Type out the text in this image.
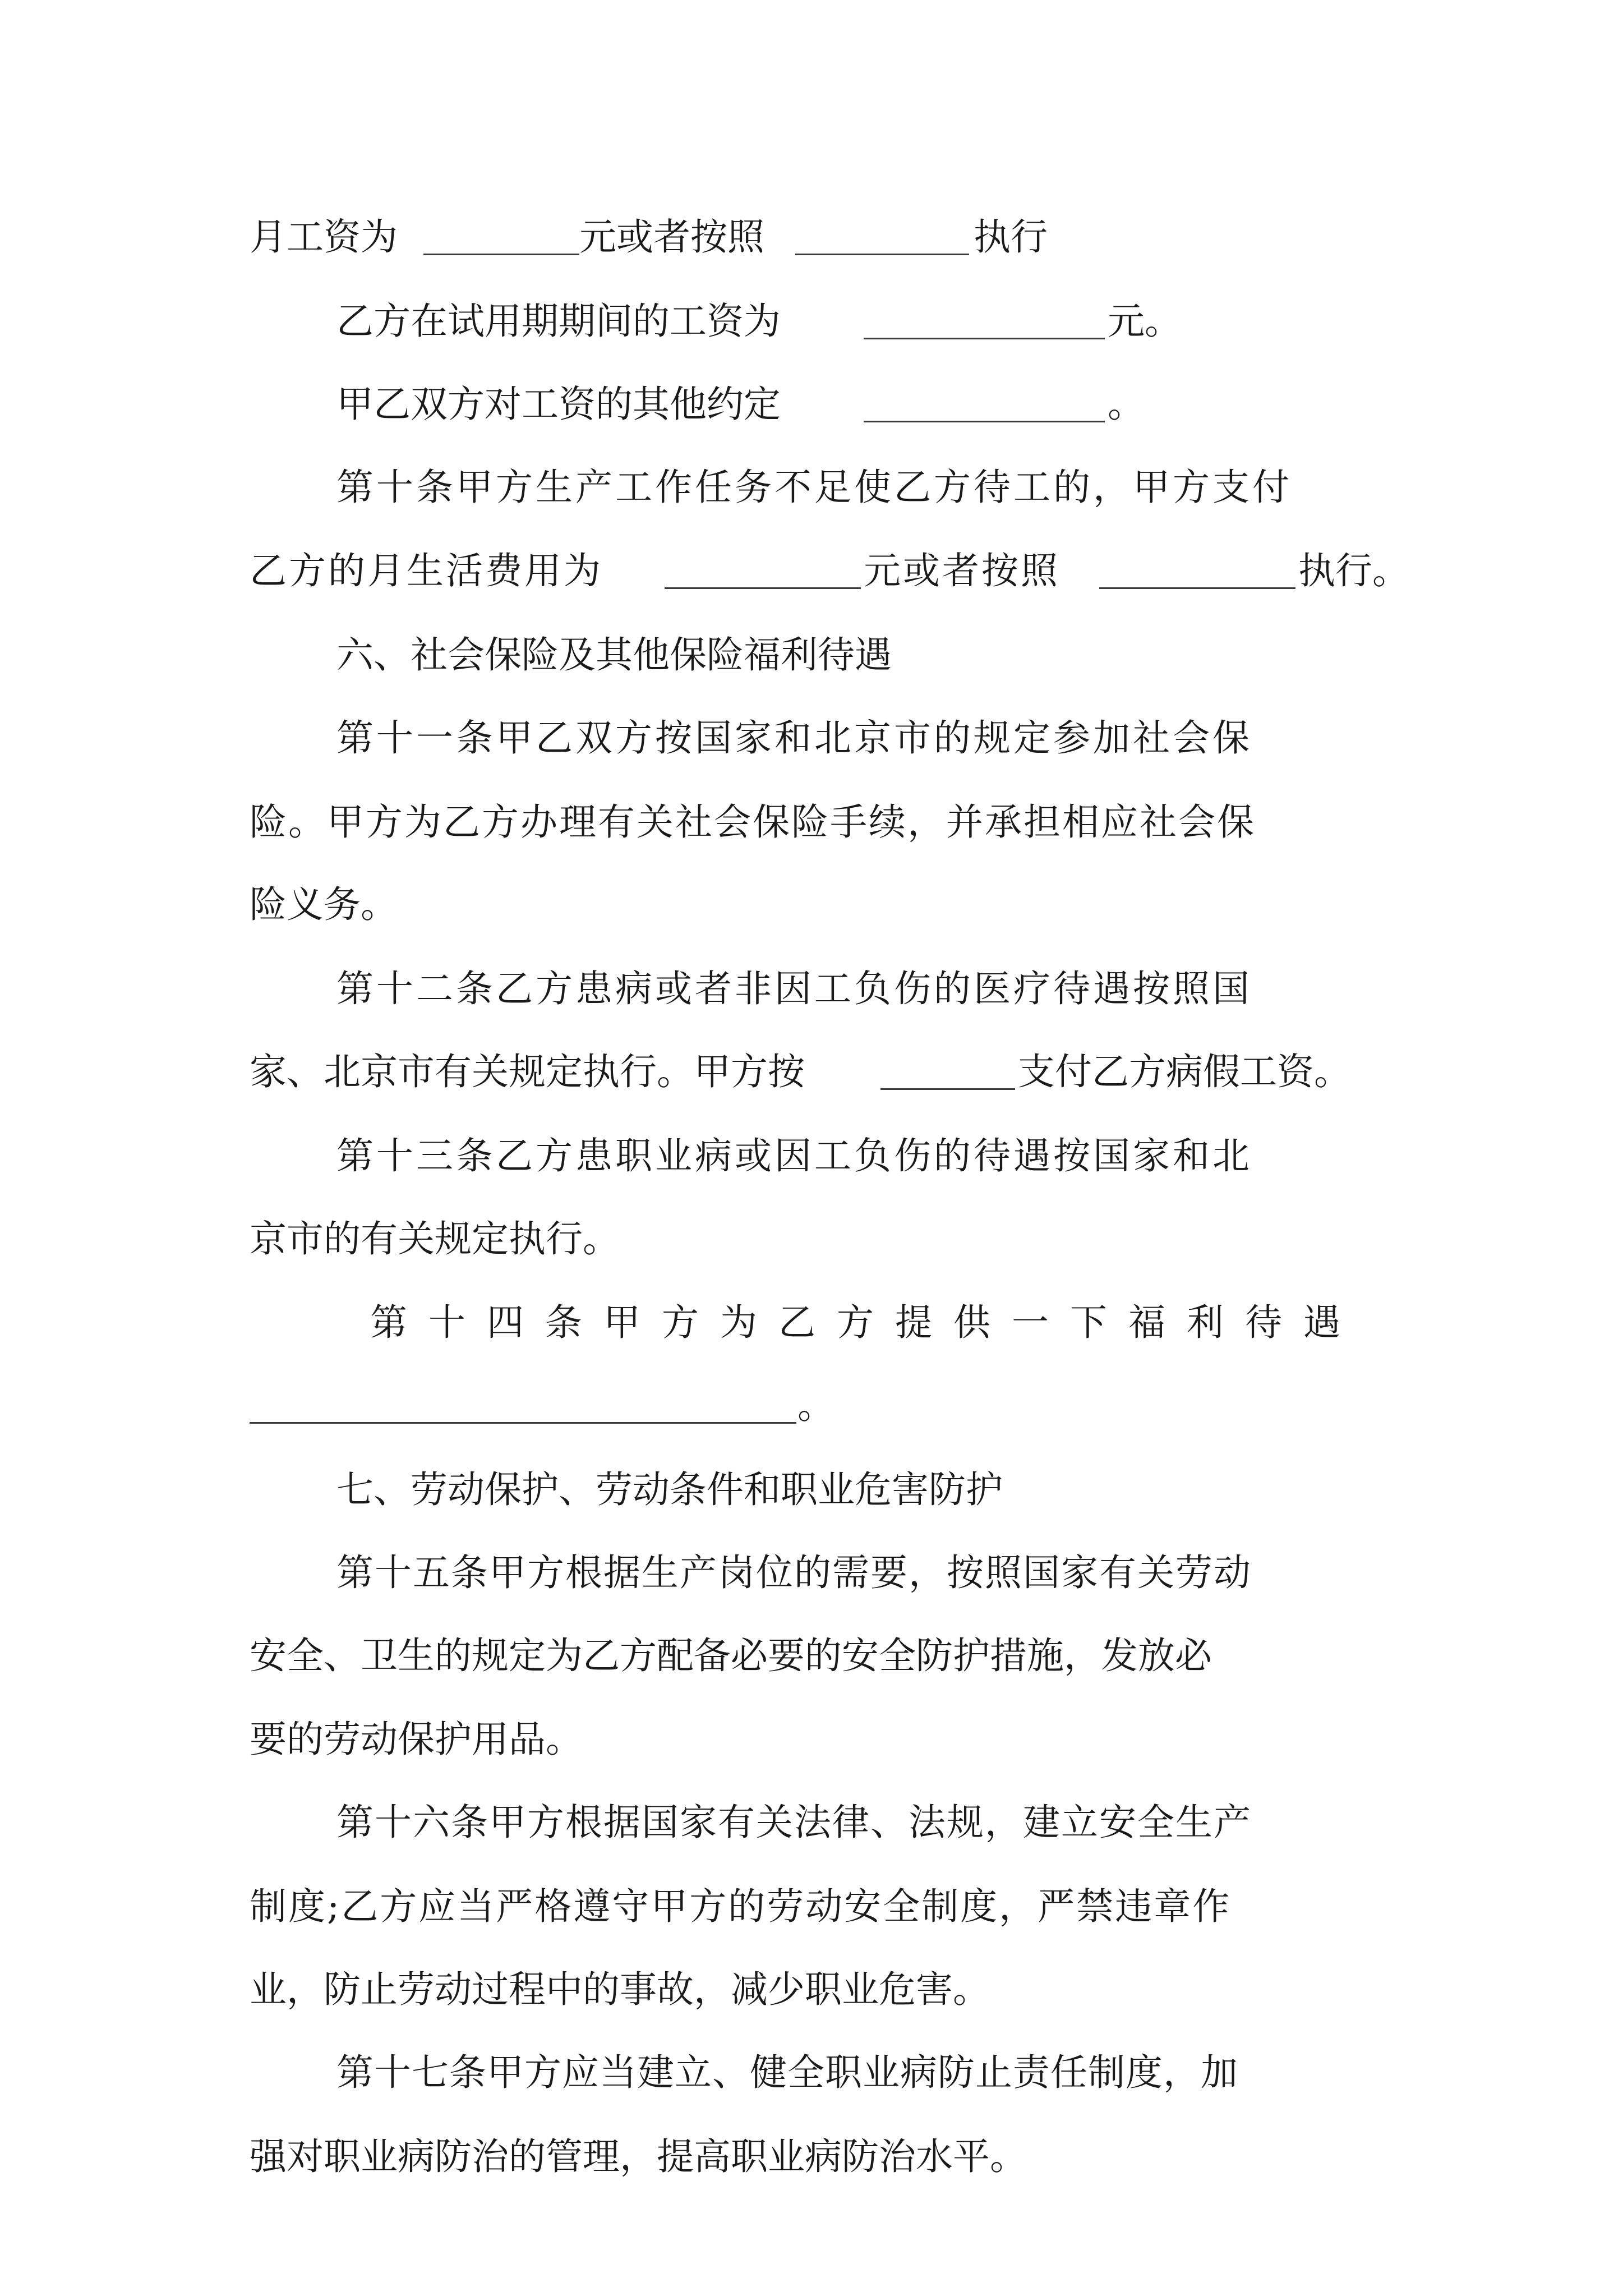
月工资为	元或者按照	执行
乙方在试用期期间的工资为	元。
甲乙双方对工资的其他约定	。
第十条甲方生产工作任务不足使乙方待工的，甲方支付
乙方的月生活费用为	元或者按照	执行。
六、社会保险及其他保险福利待遇
第十一条甲乙双方按国家和北京市的规定参加社会保
险。甲方为乙方办理有关社会保险手续，并承担相应社会保
险义务。
第十二条乙方患病或者非因工负伤的医疗待遇按照国
家、北京市有关规定执行。甲方按	支付乙方病假工资。
第十三条乙方患职业病或因工负伤的待遇按国家和北
京市的有关规定执行。
第十四条甲方为乙方提供一下福利待遇
。
七、劳动保护、劳动条件和职业危害防护
第十五条甲方根据生产岗位的需要，按照国家有关劳动
安全、卫生的规定为乙方配备必要的安全防护措施，发放必
要的劳动保护用品。
第十六条甲方根据国家有关法律、法规，建立安全生产
制度;乙方应当严格遵守甲方的劳动安全制度，严禁违章作
业，防止劳动过程中的事故，减少职业危害。
第十七条甲方应当建立、健全职业病防止责任制度，加
强对职业病防治的管理，提高职业病防治水平。
